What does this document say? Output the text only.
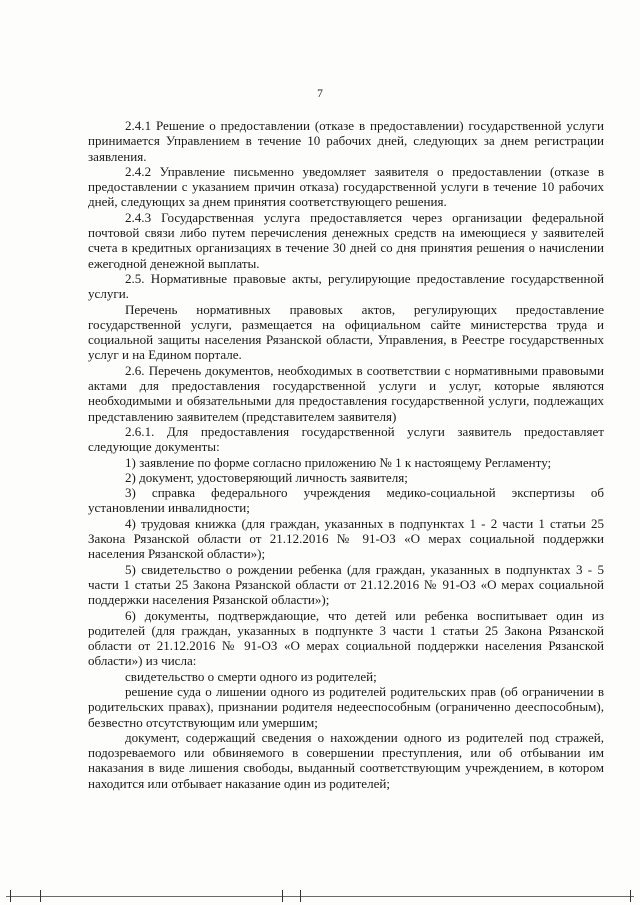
7

2.4.1 Решение о предоставлении (отказе в предоставлении) государственной услуги принимается Управлением в течение 10 рабочих дней, следующих за днем регистрации заявления.

2.4.2 Управление письменно уведомляет заявителя о предоставлении (отказе в предоставлении с указанием причин отказа) государственной услуги в течение 10 рабочих дней, следующих за днем принятия соответствующего решения.

2.4.3 Государственная услуга предоставляется через организации федеральной почтовой связи либо путем перечисления денежных средств на имеющиеся у заявителей счета в кредитных организациях в течение 30 дней со дня принятия решения о начислении ежегодной денежной выплаты.

2.5. Нормативные правовые акты, регулирующие предоставление государственной услуги.

Перечень нормативных правовых актов, регулирующих предоставление государственной услуги, размещается на официальном сайте министерства труда и социальной защиты населения Рязанской области, Управления, в Реестре государственных услуг и на Едином портале.

2.6. Перечень документов, необходимых в соответствии с нормативными правовыми актами для предоставления государственной услуги и услуг, которые являются необходимыми и обязательными для предоставления государственной услуги, подлежащих представлению заявителем (представителем заявителя)

2.6.1. Для предоставления государственной услуги заявитель предоставляет следующие документы:

1) заявление по форме согласно приложению № 1 к настоящему Регламенту;

2) документ, удостоверяющий личность заявителя;

3) справка федерального учреждения медико-социальной экспертизы об установлении инвалидности;

4) трудовая книжка (для граждан, указанных в подпунктах 1 - 2 части 1 статьи 25 Закона Рязанской области от 21.12.2016 № 91-ОЗ «О мерах социальной поддержки населения Рязанской области»);

5) свидетельство о рождении ребенка (для граждан, указанных в подпунктах 3 - 5 части 1 статьи 25 Закона Рязанской области от 21.12.2016 № 91-ОЗ «О мерах социальной поддержки населения Рязанской области»);

6) документы, подтверждающие, что детей или ребенка воспитывает один из родителей (для граждан, указанных в подпункте 3 части 1 статьи 25 Закона Рязанской области от 21.12.2016 № 91-ОЗ «О мерах социальной поддержки населения Рязанской области») из числа:

свидетельство о смерти одного из родителей;

решение суда о лишении одного из родителей родительских прав (об ограничении в родительских правах), признании родителя недееспособным (ограниченно дееспособным), безвестно отсутствующим или умершим;

документ, содержащий сведения о нахождении одного из родителей под стражей, подозреваемого или обвиняемого в совершении преступления, или об отбывании им наказания в виде лишения свободы, выданный соответствующим учреждением, в котором находится или отбывает наказание один из родителей;
